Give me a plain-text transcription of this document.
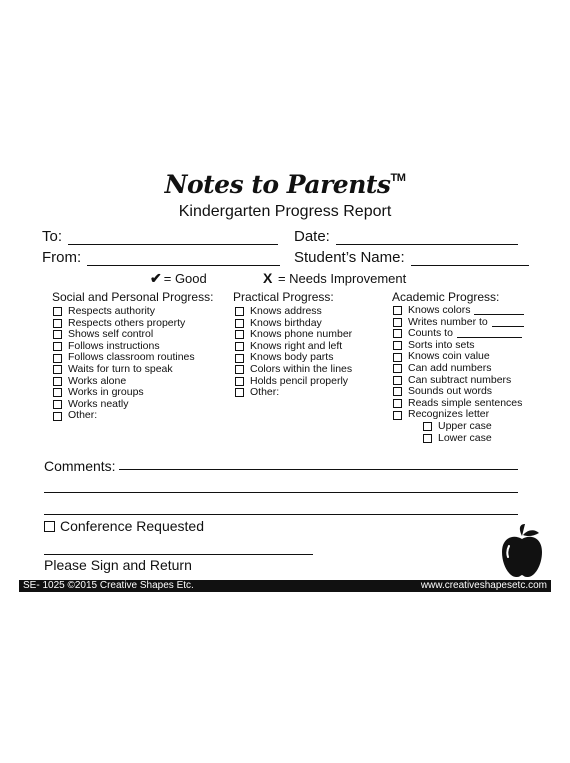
Notes to Parents™
Kindergarten Progress Report
To:	Date:
From:	Student’s Name:
✔ = Good	X = Needs Improvement
Social and Personal Progress: Practical Progress:	Academic Progress:
Respects authority
Respects others property
Shows self control
Follows instructions
Follows classroom routines
Waits for turn to speak
Works alone
Works in groups
Works neatly
Other:
Knows address
Knows birthday
Knows phone number
Knows right and left
Knows body parts
Colors within the lines
Holds pencil properly
Other:
Knows colors
Writes number to
Counts to
Sorts into sets
Knows coin value
Can add numbers
Can subtract numbers
Sounds out words
Reads simple sentences
Recognizes letter
Upper case
Lower case
Comments:
Conference Requested
Please Sign and Return
SE- 1025 ©2015 Creative Shapes Etc.	www.creativeshapesetc.com
